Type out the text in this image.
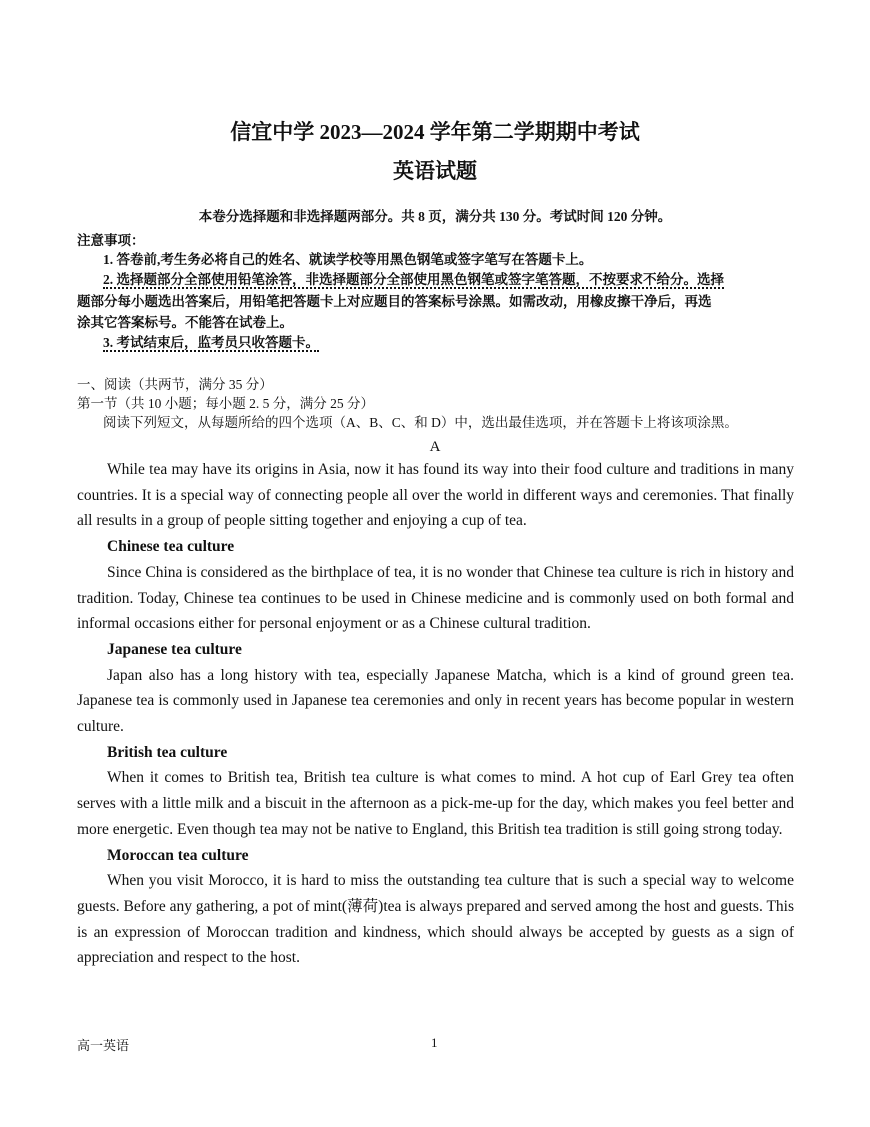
信宜中学 2023—2024 学年第二学期期中考试
英语试题
本卷分选择题和非选择题两部分。共 8 页，满分共 130 分。考试时间 120 分钟。
注意事项：
1. 答卷前,考生务必将自己的姓名、就读学校等用黑色钢笔或签字笔写在答题卡上。
2. 选择题部分全部使用铅笔涂答，非选择题部分全部使用黑色钢笔或签字笔答题，不按要求不给分。选择
题部分每小题选出答案后，用铅笔把答题卡上对应题目的答案标号涂黑。如需改动，用橡皮擦干净后，再选
涂其它答案标号。不能答在试卷上。
3. 考试结束后，监考员只收答题卡。
一、阅读（共两节，满分 35 分）
第一节（共 10 小题；每小题 2. 5 分，满分 25 分）
阅读下列短文，从每题所给的四个选项（A、B、C、和 D）中，选出最佳选项，并在答题卡上将该项涂黑。
A

While tea may have its origins in Asia, now it has found its way into their food culture and traditions in many countries. It is a special way of connecting people all over the world in different ways and ceremonies. That finally all results in a group of people sitting together and enjoying a cup of tea.

Chinese tea culture

Since China is considered as the birthplace of tea, it is no wonder that Chinese tea culture is rich in history and tradition. Today, Chinese tea continues to be used in Chinese medicine and is commonly used on both formal and informal occasions either for personal enjoyment or as a Chinese cultural tradition.

Japanese tea culture

Japan also has a long history with tea, especially Japanese Matcha, which is a kind of ground green tea. Japanese tea is commonly used in Japanese tea ceremonies and only in recent years has become popular in western culture.

British tea culture

When it comes to British tea, British tea culture is what comes to mind. A hot cup of Earl Grey tea often serves with a little milk and a biscuit in the afternoon as a pick-me-up for the day, which makes you feel better and more energetic. Even though tea may not be native to England, this British tea tradition is still going strong today.

Moroccan tea culture

When you visit Morocco, it is hard to miss the outstanding tea culture that is such a special way to welcome guests. Before any gathering, a pot of mint(薄荷)tea is always prepared and served among the host and guests. This is an expression of Moroccan tradition and kindness, which should always be accepted by guests as a sign of appreciation and respect to the host.

高一英语	1
